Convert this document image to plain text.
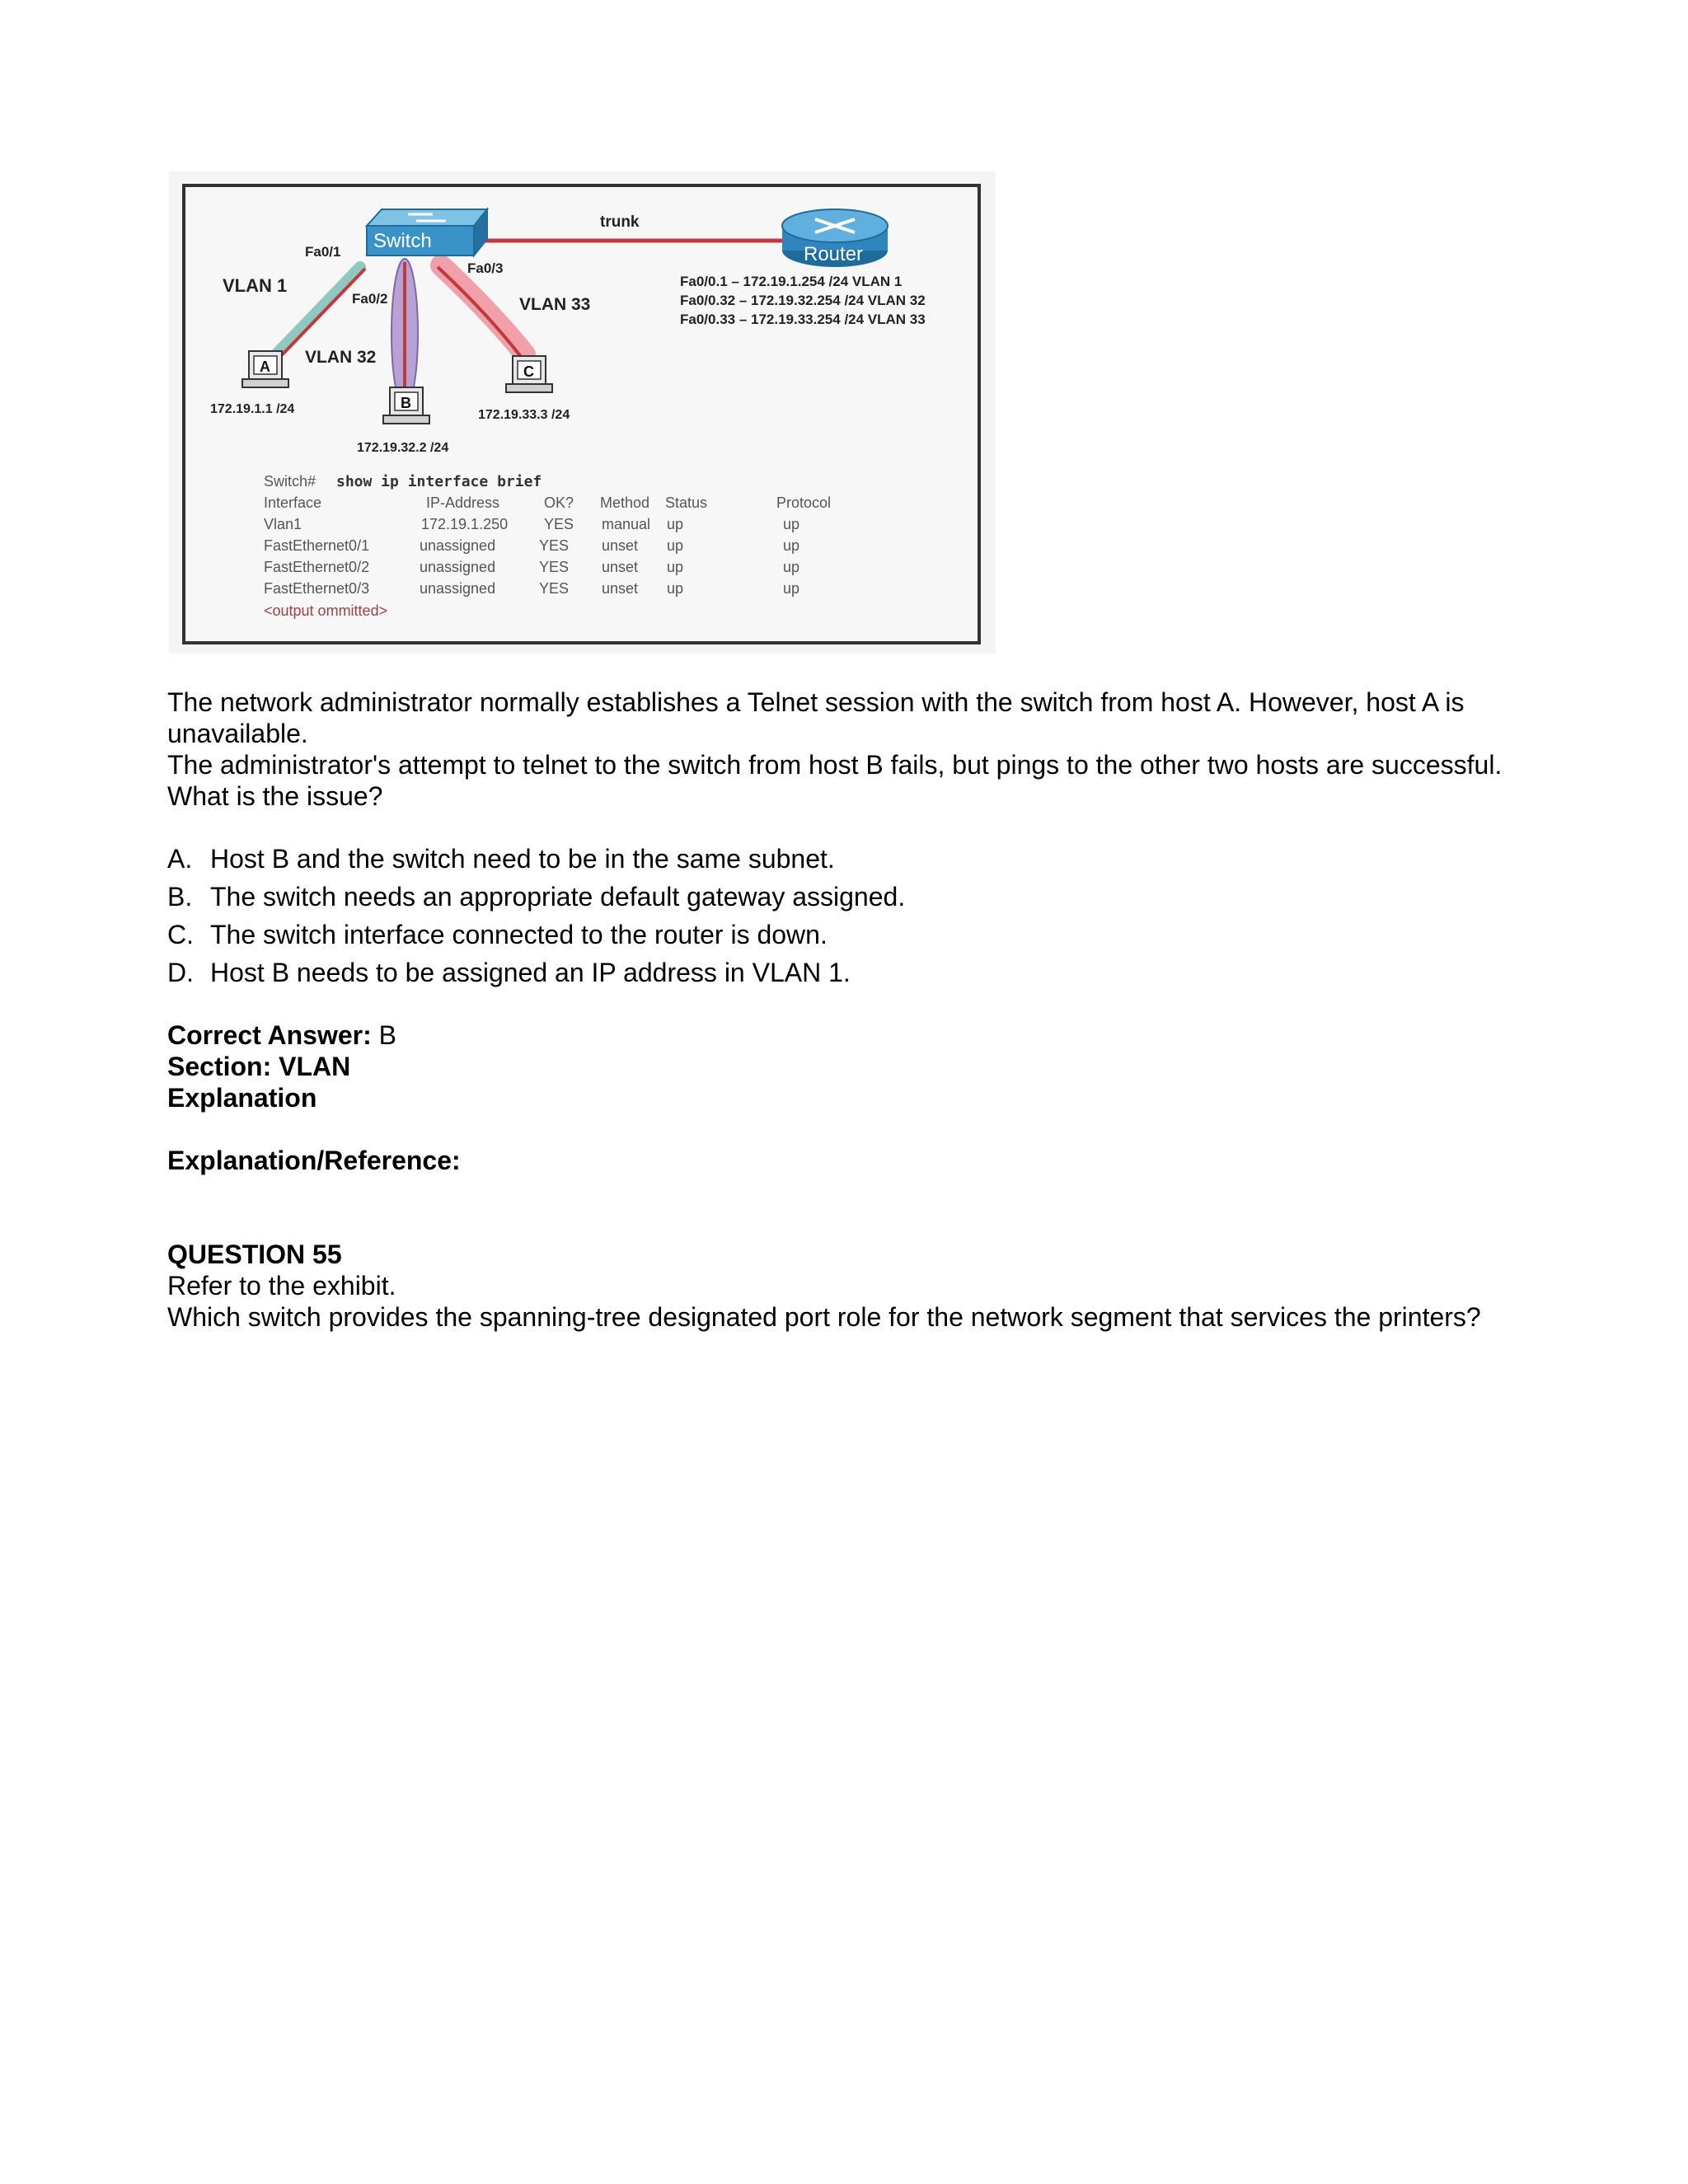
trunk
Switch
Router
Fa0/1
Fa0/2
Fa0/3
VLAN 1
VLAN 32
VLAN 33
Fa0/0.1 – 172.19.1.254 /24 VLAN 1
Fa0/0.32 – 172.19.32.254 /24 VLAN 32
Fa0/0.33 – 172.19.33.254 /24 VLAN 33
A
172.19.1.1 /24	B
172.19.32.2 /24
C
172.19.33.3 /24
Switch# show ip interface brief
Interface	IP-Address	OK? Method Status	Protocol
Vlan1	172.19.1.250 YES manual up	up
FastEthernet0/1	unassigned	YES unset up	up
FastEthernet0/2	unassigned	YES unset up	up
FastEthernet0/3	unassigned	YES unset up	up
<output ommitted>

The network administrator normally establishes a Telnet session with the switch from host A. However, host A is unavailable.

The administrator's attempt to telnet to the switch from host B fails, but pings to the other two hosts are successful. What is the issue?

A. Host B and the switch need to be in the same subnet.
B. The switch needs an appropriate default gateway assigned.
C. The switch interface connected to the router is down.
D. Host B needs to be assigned an IP address in VLAN 1.

Correct Answer: B

Section: VLAN

Explanation

Explanation/Reference:

QUESTION 55

Refer to the exhibit.

Which switch provides the spanning-tree designated port role for the network segment that services the printers?
